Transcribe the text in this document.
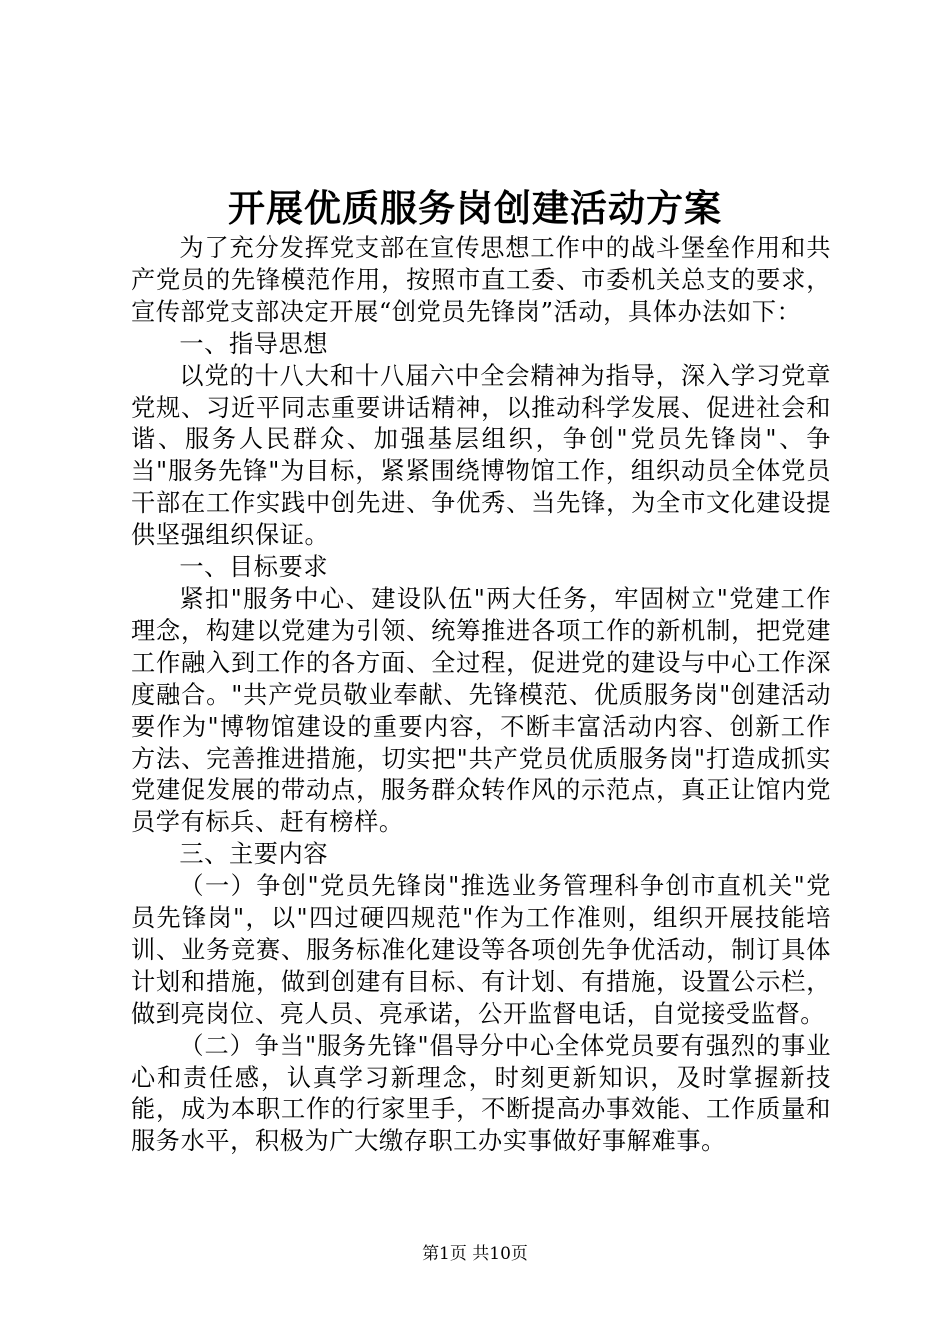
开展优质服务岗创建活动方案

为了充分发挥党支部在宣传思想工作中的战斗堡垒作用和共产党员的先锋模范作用，按照市直工委、市委机关总支的要求，宣传部党支部决定开展“创党员先锋岗”活动，具体办法如下：

一、指导思想

以党的十八大和十八届六中全会精神为指导，深入学习党章党规、习近平同志重要讲话精神，以推动科学发展、促进社会和谐、服务人民群众、加强基层组织，争创"党员先锋岗"、争当"服务先锋"为目标，紧紧围绕博物馆工作，组织动员全体党员干部在工作实践中创先进、争优秀、当先锋，为全市文化建设提供坚强组织保证。

一、目标要求

紧扣"服务中心、建设队伍"两大任务，牢固树立"党建工作理念，构建以党建为引领、统筹推进各项工作的新机制，把党建工作融入到工作的各方面、全过程，促进党的建设与中心工作深度融合。"共产党员敬业奉献、先锋模范、优质服务岗"创建活动要作为"博物馆建设的重要内容，不断丰富活动内容、创新工作方法、完善推进措施，切实把"共产党员优质服务岗"打造成抓实党建促发展的带动点，服务群众转作风的示范点，真正让馆内党员学有标兵、赶有榜样。

三、主要内容

（一）争创"党员先锋岗"推选业务管理科争创市直机关"党员先锋岗"，以"四过硬四规范"作为工作准则，组织开展技能培训、业务竞赛、服务标准化建设等各项创先争优活动，制订具体计划和措施，做到创建有目标、有计划、有措施，设置公示栏，做到亮岗位、亮人员、亮承诺，公开监督电话，自觉接受监督。

（二）争当"服务先锋"倡导分中心全体党员要有强烈的事业心和责任感，认真学习新理念，时刻更新知识，及时掌握新技能，成为本职工作的行家里手，不断提高办事效能、工作质量和服务水平，积极为广大缴存职工办实事做好事解难事。

第1页 共10页
